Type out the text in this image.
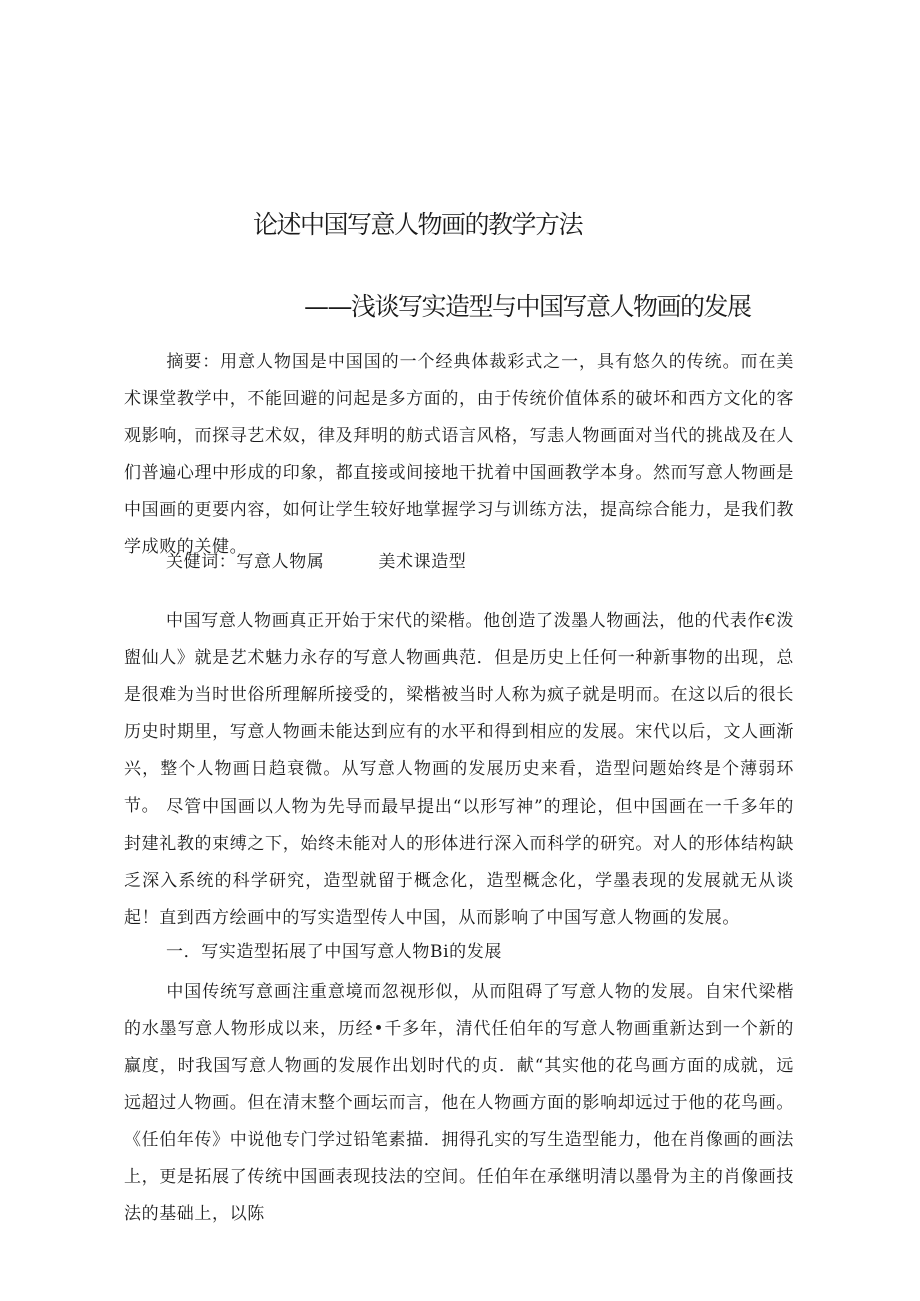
论述中国写意人物画的教学方法
——浅谈写实造型与中国写意人物画的发展

摘要：用意人物国是中国国的一个经典体裁彩式之一，具有悠久的传统。而在美术课堂教学中，不能回避的问起是多方面的，由于传统价值体系的破坏和西方文化的客观影响，而探寻艺术奴，律及拜明的舫式语言风格，写恚人物画面对当代的挑战及在人们普遍心理中形成的印象，都直接或间接地干扰着中国画教学本身。然而写意人物画是中国画的更要内容，如何让学生较好地掌握学习与训练方法，提高综合能力，是我们教学成败的关健。

关健词：写意人物属	美术课造型

中国写意人物画真正开始于宋代的梁楷。他创造了泼墨人物画法，他的代表作€泼盥仙人》就是艺术魅力永存的写意人物画典范．但是历史上任何一种新事物的出现，总是很难为当时世俗所理解所接受的，梁楷被当时人称为疯子就是明而。在这以后的很长历史时期里，写意人物画未能达到应有的水平和得到相应的发展。宋代以后，文人画渐兴，整个人物画日趋衰微。从写意人物画的发展历史来看，造型问题始终是个薄弱环节。 尽管中国画以人物为先导而最早提出“以形写神”的理论，但中国画在一千多年的封建礼教的束缚之下，始终未能对人的形体进行深入而科学的研究。对人的形体结构缺乏深入系统的科学研究，造型就留于概念化，造型概念化，学墨表现的发展就无从谈起！直到西方绘画中的写实造型传人中国，从而影响了中国写意人物画的发展。

一．写实造型拓展了中国写意人物Bi的发展

中国传统写意画注重意境而忽视形似，从而阻碍了写意人物的发展。自宋代梁楷的水墨写意人物形成以来，历经•千多年，清代任伯年的写意人物画重新达到一个新的赢度，时我国写意人物画的发展作出划时代的贞．献“其实他的花鸟画方面的成就，远远超过人物画。但在清末整个画坛而言，他在人物画方面的影响却远过于他的花鸟画。《任伯年传》中说他专门学过铅笔素描．拥得孔实的写生造型能力，他在肖像画的画法上，更是拓展了传统中国画表现技法的空间。任伯年在承继明清以墨骨为主的肖像画技法的基础上，以陈
